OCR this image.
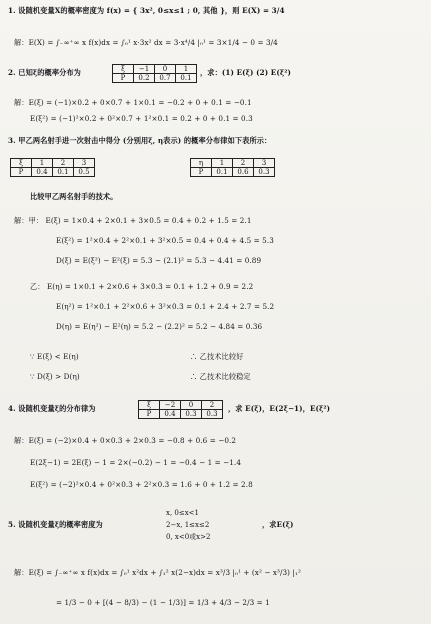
1. 设随机变量X的概率密度为 f(x) = { 3x², 0≤x≤1 ; 0, 其他 }，则 E(X) = 3/4
解：E(X) = ∫₋∞⁺∞ x f(x)dx = ∫₀¹ x·3x² dx = 3·x⁴/4 |₀¹ = 3×1/4 − 0 = 3/4
2. 已知ξ的概率分布为	ξ	−1	0	1
P	0.2	0.7	0.1
，求：(1) E(ξ) (2) E(ξ²)
解：E(ξ) = (−1)×0.2 + 0×0.7 + 1×0.1 = −0.2 + 0 + 0.1 = −0.1
E(ξ²) = (−1)²×0.2 + 0²×0.7 + 1²×0.1 = 0.2 + 0 + 0.1 = 0.3
3. 甲乙两名射手进一次射击中得分 (分别用ξ, η表示) 的概率分布律如下表所示：
ξ	1	2	3
P	0.4	0.1	0.5
η	1	2	3
P	0.1	0.6	0.3
比较甲乙两名射手的技术。
解：甲： E(ξ) = 1×0.4 + 2×0.1 + 3×0.5 = 0.4 + 0.2 + 1.5 = 2.1
E(ξ²) = 1²×0.4 + 2²×0.1 + 3²×0.5 = 0.4 + 0.4 + 4.5 = 5.3
D(ξ) = E(ξ²) − E²(ξ) = 5.3 − (2.1)² = 5.3 − 4.41 = 0.89
乙： E(η) = 1×0.1 + 2×0.6 + 3×0.3 = 0.1 + 1.2 + 0.9 = 2.2
E(η²) = 1²×0.1 + 2²×0.6 + 3²×0.3 = 0.1 + 2.4 + 2.7 = 5.2
D(η) = E(η²) − E²(η) = 5.2 − (2.2)² = 5.2 − 4.84 = 0.36
∵ E(ξ) < E(η)	∴ 乙技术比较好
∵ D(ξ) > D(η)	∴ 乙技术比较稳定
4. 设随机变量ξ的分布律为	ξ	−2	0	2
P	0.4	0.3	0.3
，求 E(ξ)，E(2ξ−1)，E(ξ²)
解：E(ξ) = (−2)×0.4 + 0×0.3 + 2×0.3 = −0.8 + 0.6 = −0.2
E(2ξ−1) = 2E(ξ) − 1 = 2×(−0.2) − 1 = −0.4 − 1 = −1.4
E(ξ²) = (−2)²×0.4 + 0²×0.3 + 2²×0.3 = 1.6 + 0 + 1.2 = 2.8
5. 设随机变量ξ的概率密度为
x, 0≤x<1
2−x, 1≤x≤2
0, x<0或x>2
，求E(ξ)
解：E(ξ) = ∫₋∞⁺∞ x f(x)dx = ∫₀¹ x²dx + ∫₁² x(2−x)dx = x³/3 |₀¹ + (x² − x³/3) |₁²
= 1/3 − 0 + [(4 − 8/3) − (1 − 1/3)] = 1/3 + 4/3 − 2/3 = 1
